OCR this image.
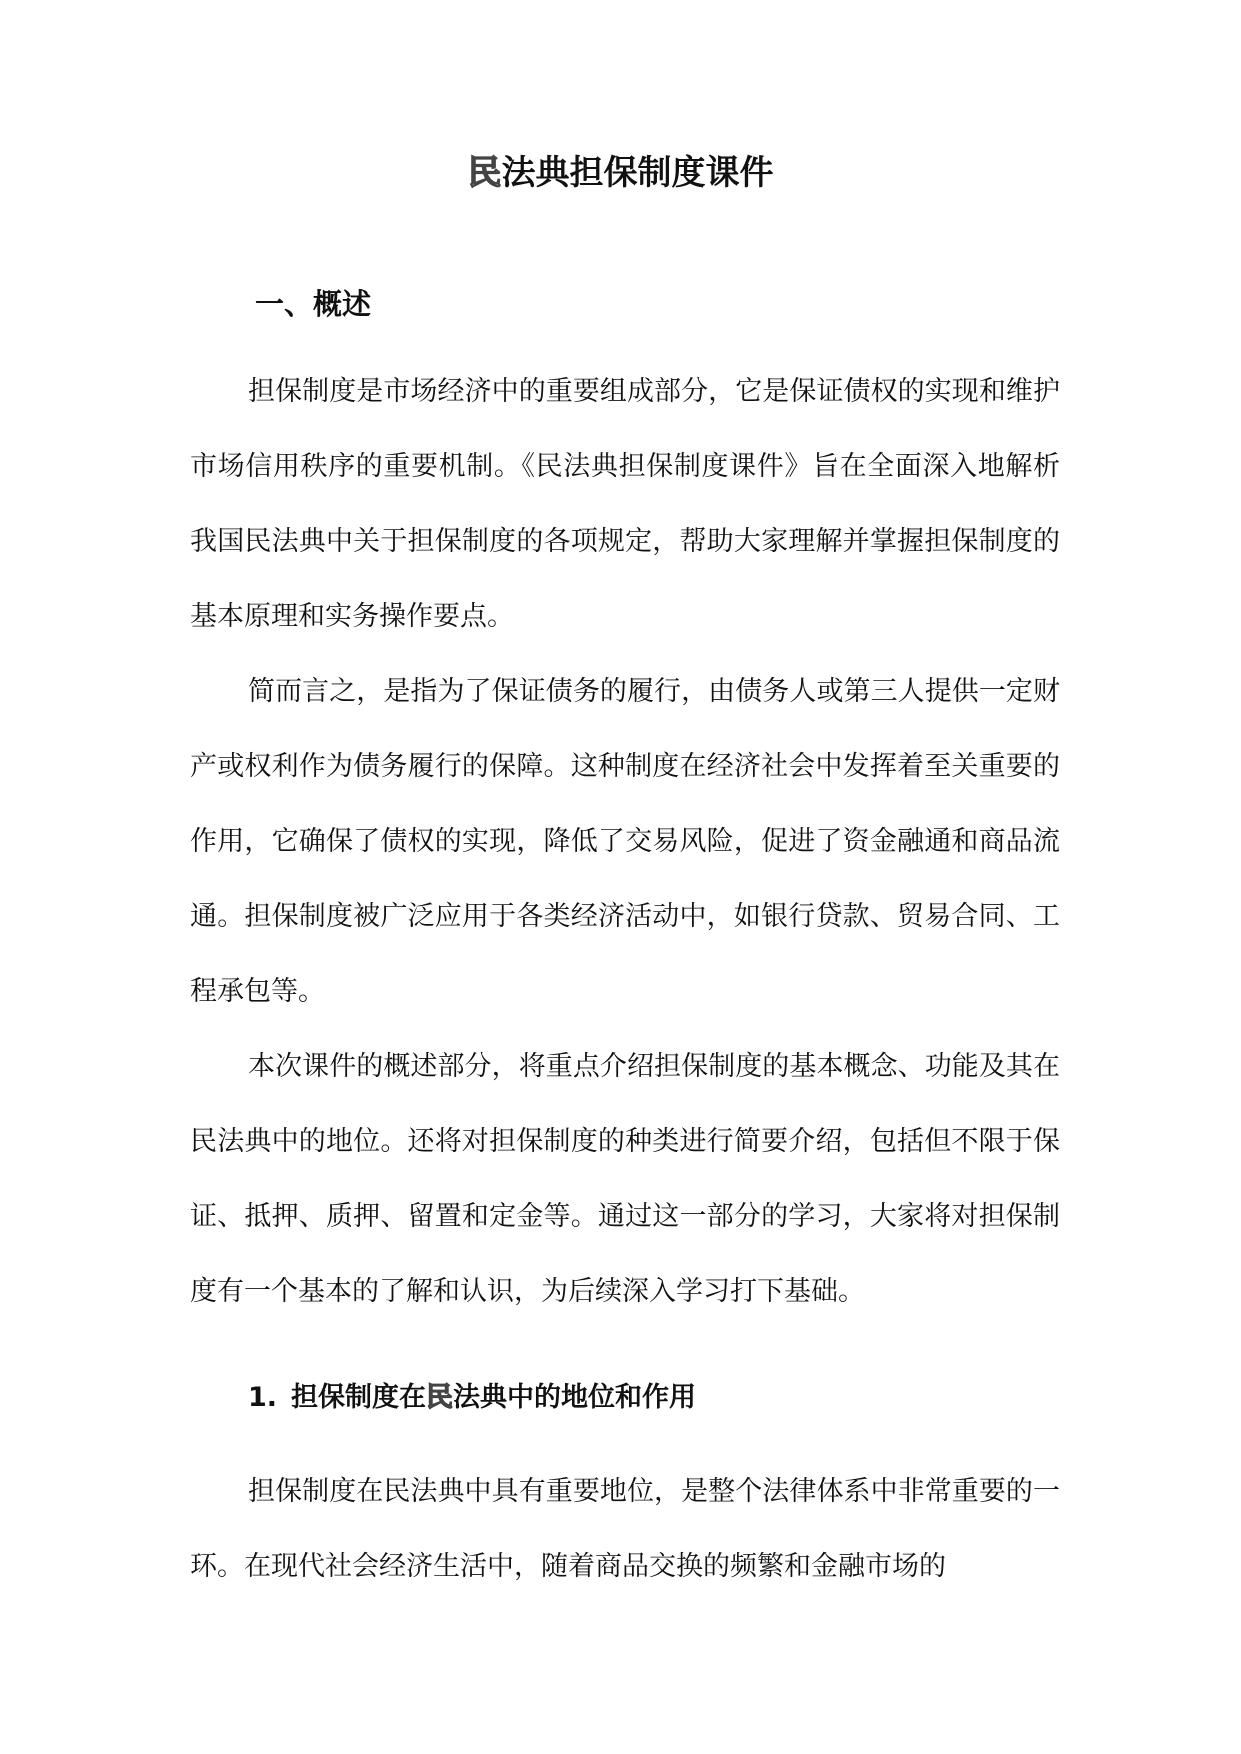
民法典担保制度课件
一、概述

担保制度是市场经济中的重要组成部分，它是保证债权的实现和维护市场信用秩序的重要机制。《民法典担保制度课件》旨在全面深入地解析我国民法典中关于担保制度的各项规定，帮助大家理解并掌握担保制度的基本原理和实务操作要点。

简而言之，是指为了保证债务的履行，由债务人或第三人提供一定财产或权利作为债务履行的保障。这种制度在经济社会中发挥着至关重要的作用，它确保了债权的实现，降低了交易风险，促进了资金融通和商品流通。担保制度被广泛应用于各类经济活动中，如银行贷款、贸易合同、工程承包等。

本次课件的概述部分，将重点介绍担保制度的基本概念、功能及其在民法典中的地位。还将对担保制度的种类进行简要介绍，包括但不限于保证、抵押、质押、留置和定金等。通过这一部分的学习，大家将对担保制度有一个基本的了解和认识，为后续深入学习打下基础。

1. 担保制度在民法典中的地位和作用

担保制度在民法典中具有重要地位，是整个法律体系中非常重要的一环。在现代社会经济生活中，随着商品交换的频繁和金融市场的
